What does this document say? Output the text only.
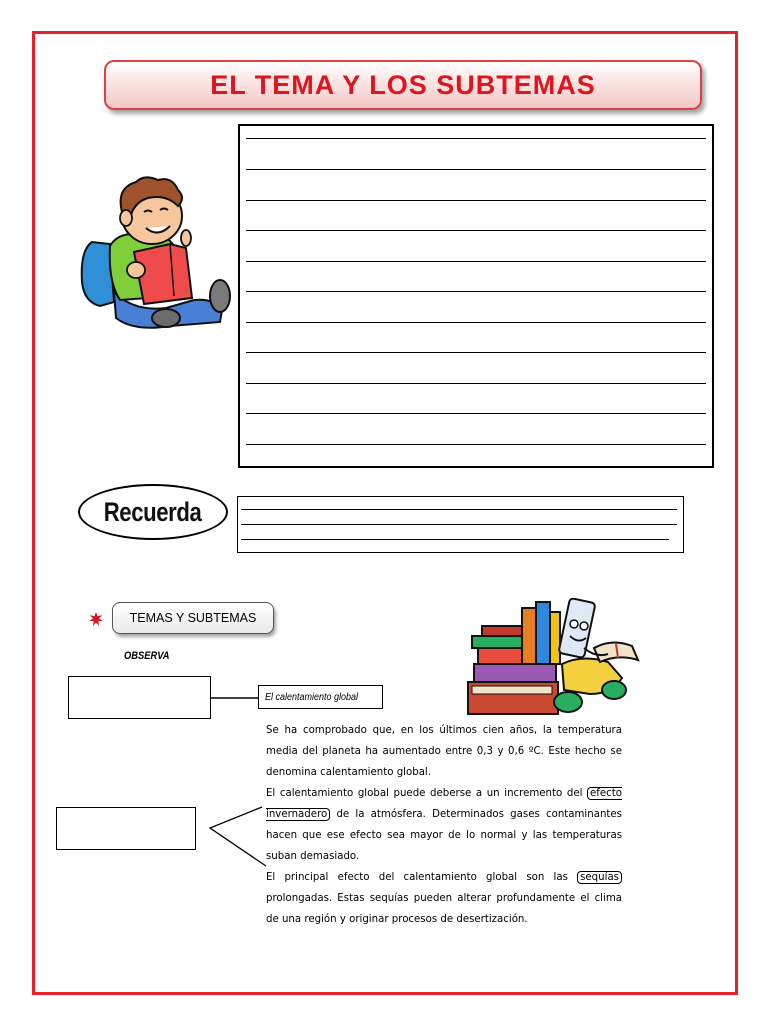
EL TEMA Y LOS SUBTEMAS
Recuerda
TEMAS Y SUBTEMAS
OBSERVA
El calentamiento global

Se ha comprobado que, en los últimos cien años, la temperatura media del planeta ha aumentado entre 0,3 y 0,6 ºC. Este hecho se denomina calentamiento global.

El calentamiento global puede deberse a un incremento del efecto invernadero de la atmósfera. Determinados gases contaminantes hacen que ese efecto sea mayor de lo normal y las temperaturas suban demasiado.

El principal efecto del calentamiento global son las sequías prolongadas. Estas sequías pueden alterar profundamente el clima de una región y originar procesos de desertización.
